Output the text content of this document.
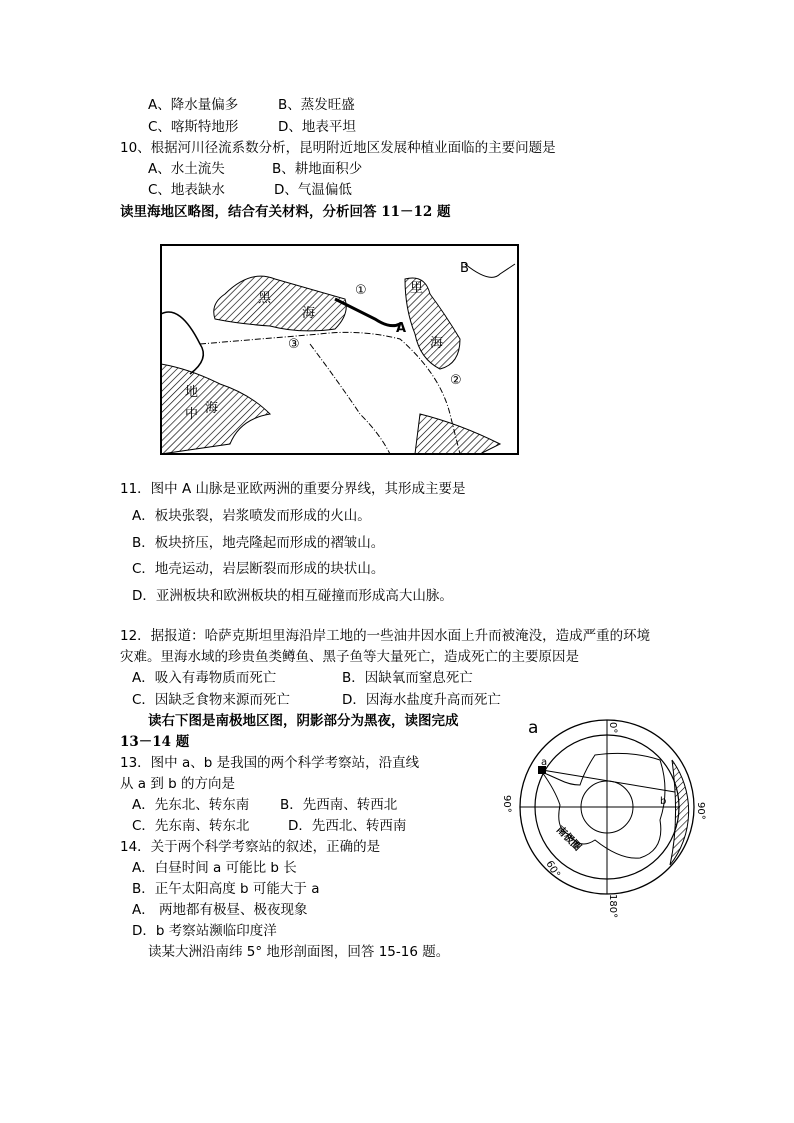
A、降水量偏多	B、蒸发旺盛
C、喀斯特地形	D、地表平坦
10、根据河川径流系数分析，昆明附近地区发展种植业面临的主要问题是
A、水土流失	B、耕地面积少
C、地表缺水	D、气温偏低
读里海地区略图，结合有关材料，分析回答 11－12 题
黑
海
里
海
地
中 海
A
B
①
②
③
11．图中 A 山脉是亚欧两洲的重要分界线，其形成主要是
A．板块张裂，岩浆喷发而形成的火山。
B．板块挤压，地壳隆起而形成的褶皱山。
C．地壳运动，岩层断裂而形成的块状山。
D．亚洲板块和欧洲板块的相互碰撞而形成高大山脉。
12．据报道：哈萨克斯坦里海沿岸工地的一些油井因水面上升而被淹没，造成严重的环境
灾难。里海水域的珍贵鱼类鳟鱼、黑子鱼等大量死亡，造成死亡的主要原因是
A．吸入有毒物质而死亡	B．因缺氧而窒息死亡
C．因缺乏食物来源而死亡	D．因海水盐度升高而死亡
读右下图是南极地区图，阴影部分为黑夜，读图完成
13－14 题
13．图中 a、b 是我国的两个科学考察站，沿直线
从 a 到 b 的方向是
A．先东北、转东南 B．先西南、转西北
C．先东南、转东北	D．先西北、转西南
14．关于两个科学考察站的叙述，正确的是
A．白昼时间 a 可能比 b 长
B．正午太阳高度 b 可能大于 a
A． 两地都有极昼、极夜现象
D．b 考察站濒临印度洋
读某大洲沿南纬 5° 地形剖面图，回答 15-16 题。
a	0°
90°
90°
180°
60°
南极圈
a
b
